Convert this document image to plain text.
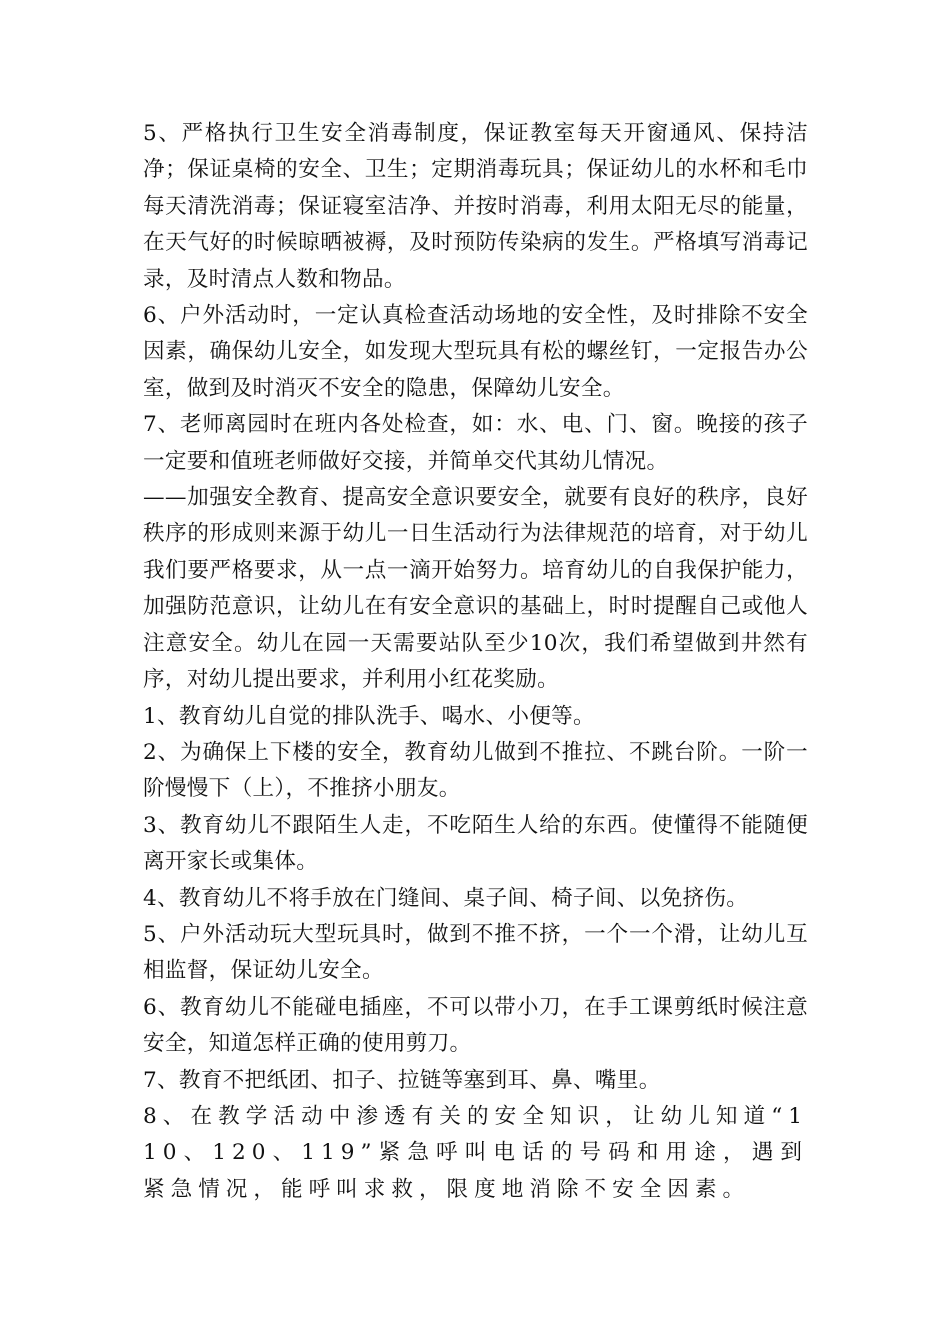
5、严格执行卫生安全消毒制度，保证教室每天开窗通风、保持洁净；保证桌椅的安全、卫生；定期消毒玩具；保证幼儿的水杯和毛巾每天清洗消毒；保证寝室洁净、并按时消毒，利用太阳无尽的能量，在天气好的时候晾晒被褥，及时预防传染病的发生。严格填写消毒记录，及时清点人数和物品。

6、户外活动时，一定认真检查活动场地的安全性，及时排除不安全因素，确保幼儿安全，如发现大型玩具有松的螺丝钉，一定报告办公室，做到及时消灭不安全的隐患，保障幼儿安全。

7、老师离园时在班内各处检查，如：水、电、门、窗。晚接的孩子一定要和值班老师做好交接，并简单交代其幼儿情况。

——加强安全教育、提高安全意识要安全，就要有良好的秩序，良好秩序的形成则来源于幼儿一日生活动行为法律规范的培育，对于幼儿我们要严格要求，从一点一滴开始努力。培育幼儿的自我保护能力，加强防范意识，让幼儿在有安全意识的基础上，时时提醒自己或他人注意安全。幼儿在园一天需要站队至少10次，我们希望做到井然有序，对幼儿提出要求，并利用小红花奖励。

1、教育幼儿自觉的排队洗手、喝水、小便等。

2、为确保上下楼的安全，教育幼儿做到不推拉、不跳台阶。一阶一阶慢慢下（上），不推挤小朋友。

3、教育幼儿不跟陌生人走，不吃陌生人给的东西。使懂得不能随便离开家长或集体。

4、教育幼儿不将手放在门缝间、桌子间、椅子间、以免挤伤。

5、户外活动玩大型玩具时，做到不推不挤，一个一个滑，让幼儿互相监督，保证幼儿安全。

6、教育幼儿不能碰电插座，不可以带小刀，在手工课剪纸时候注意安全，知道怎样正确的使用剪刀。

7、教育不把纸团、扣子、拉链等塞到耳、鼻、嘴里。

8、在教学活动中渗透有关的安全知识，让幼儿知道“110、120、119”紧急呼叫电话的号码和用途，遇到紧急情况，能呼叫求救，限度地消除不安全因素。
